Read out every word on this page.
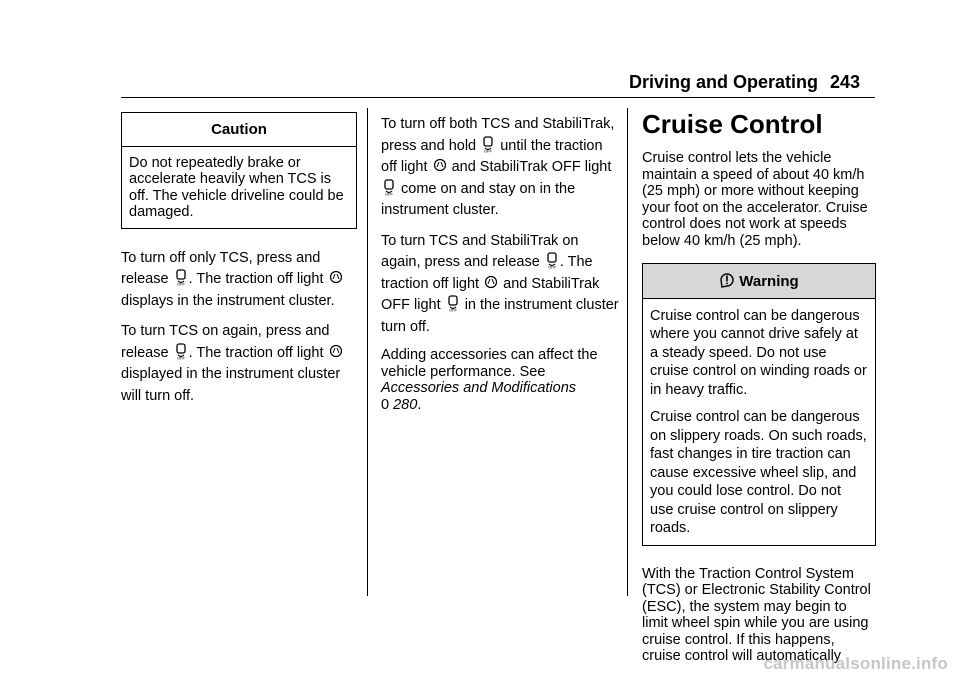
Driving and Operating 243
Caution

Do not repeatedly brake or accelerate heavily when TCS is off. The vehicle driveline could be damaged.

To turn off only TCS, press and release OFF . The traction off light  displays in the instrument cluster.

To turn TCS on again, press and release OFF . The traction off light  displayed in the instrument cluster will turn off.

To turn off both TCS and StabiliTrak, press and hold OFF until the traction off light and StabiliTrak OFF light
OFF come on and stay on in the instrument cluster.

To turn TCS and StabiliTrak on again, press and release OFF . The traction off light and StabiliTrak OFF light OFF in the instrument cluster turn off.

Adding accessories can affect the vehicle performance. See Accessories and Modifications
0 280.

Cruise Control

Cruise control lets the vehicle maintain a speed of about 40 km/h (25 mph) or more without keeping your foot on the accelerator. Cruise control does not work at speeds below 40 km/h (25 mph).

Warning

Cruise control can be dangerous where you cannot drive safely at a steady speed. Do not use cruise control on winding roads or in heavy traffic.

Cruise control can be dangerous on slippery roads. On such roads, fast changes in tire traction can cause excessive wheel slip, and you could lose control. Do not use cruise control on slippery roads.

With the Traction Control System (TCS) or Electronic Stability Control (ESC), the system may begin to limit wheel spin while you are using cruise control. If this happens, cruise control will automatically

carmanualsonline.info
